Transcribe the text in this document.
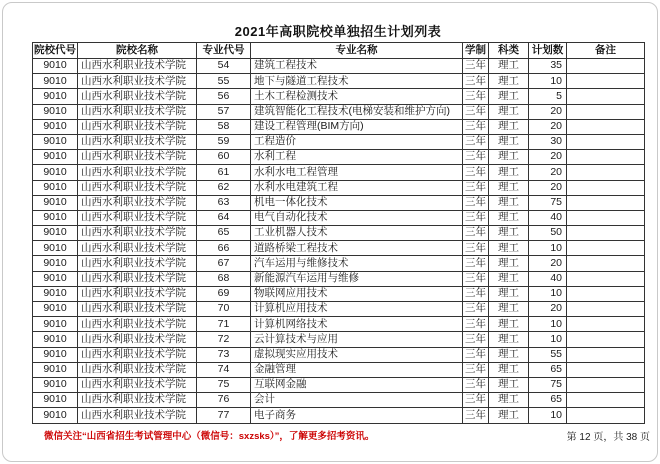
2021年高职院校单独招生计划列表
院校代号	院校名称	专业代号	专业名称	学制	科类	计划数	备注
9010	山西水利职业技术学院	54	建筑工程技术	三年	理工	35	
9010	山西水利职业技术学院	55	地下与隧道工程技术	三年	理工	10	
9010	山西水利职业技术学院	56	土木工程检测技术	三年	理工	5	
9010	山西水利职业技术学院	57	建筑智能化工程技术(电梯安装和维护方向)	三年	理工	20	
9010	山西水利职业技术学院	58	建设工程管理(BIM方向)	三年	理工	20	
9010	山西水利职业技术学院	59	工程造价	三年	理工	30	
9010	山西水利职业技术学院	60	水利工程	三年	理工	20	
9010	山西水利职业技术学院	61	水利水电工程管理	三年	理工	20	
9010	山西水利职业技术学院	62	水利水电建筑工程	三年	理工	20	
9010	山西水利职业技术学院	63	机电一体化技术	三年	理工	75	
9010	山西水利职业技术学院	64	电气自动化技术	三年	理工	40	
9010	山西水利职业技术学院	65	工业机器人技术	三年	理工	50	
9010	山西水利职业技术学院	66	道路桥梁工程技术	三年	理工	10	
9010	山西水利职业技术学院	67	汽车运用与维修技术	三年	理工	20	
9010	山西水利职业技术学院	68	新能源汽车运用与维修	三年	理工	40	
9010	山西水利职业技术学院	69	物联网应用技术	三年	理工	10	
9010	山西水利职业技术学院	70	计算机应用技术	三年	理工	20	
9010	山西水利职业技术学院	71	计算机网络技术	三年	理工	10	
9010	山西水利职业技术学院	72	云计算技术与应用	三年	理工	10	
9010	山西水利职业技术学院	73	虚拟现实应用技术	三年	理工	55	
9010	山西水利职业技术学院	74	金融管理	三年	理工	65	
9010	山西水利职业技术学院	75	互联网金融	三年	理工	75	
9010	山西水利职业技术学院	76	会计	三年	理工	65	
9010	山西水利职业技术学院	77	电子商务	三年	理工	10	
微信关注“山西省招生考试管理中心（微信号：sxzsks）”，了解更多招考资讯。	第 12 页，共 38 页
